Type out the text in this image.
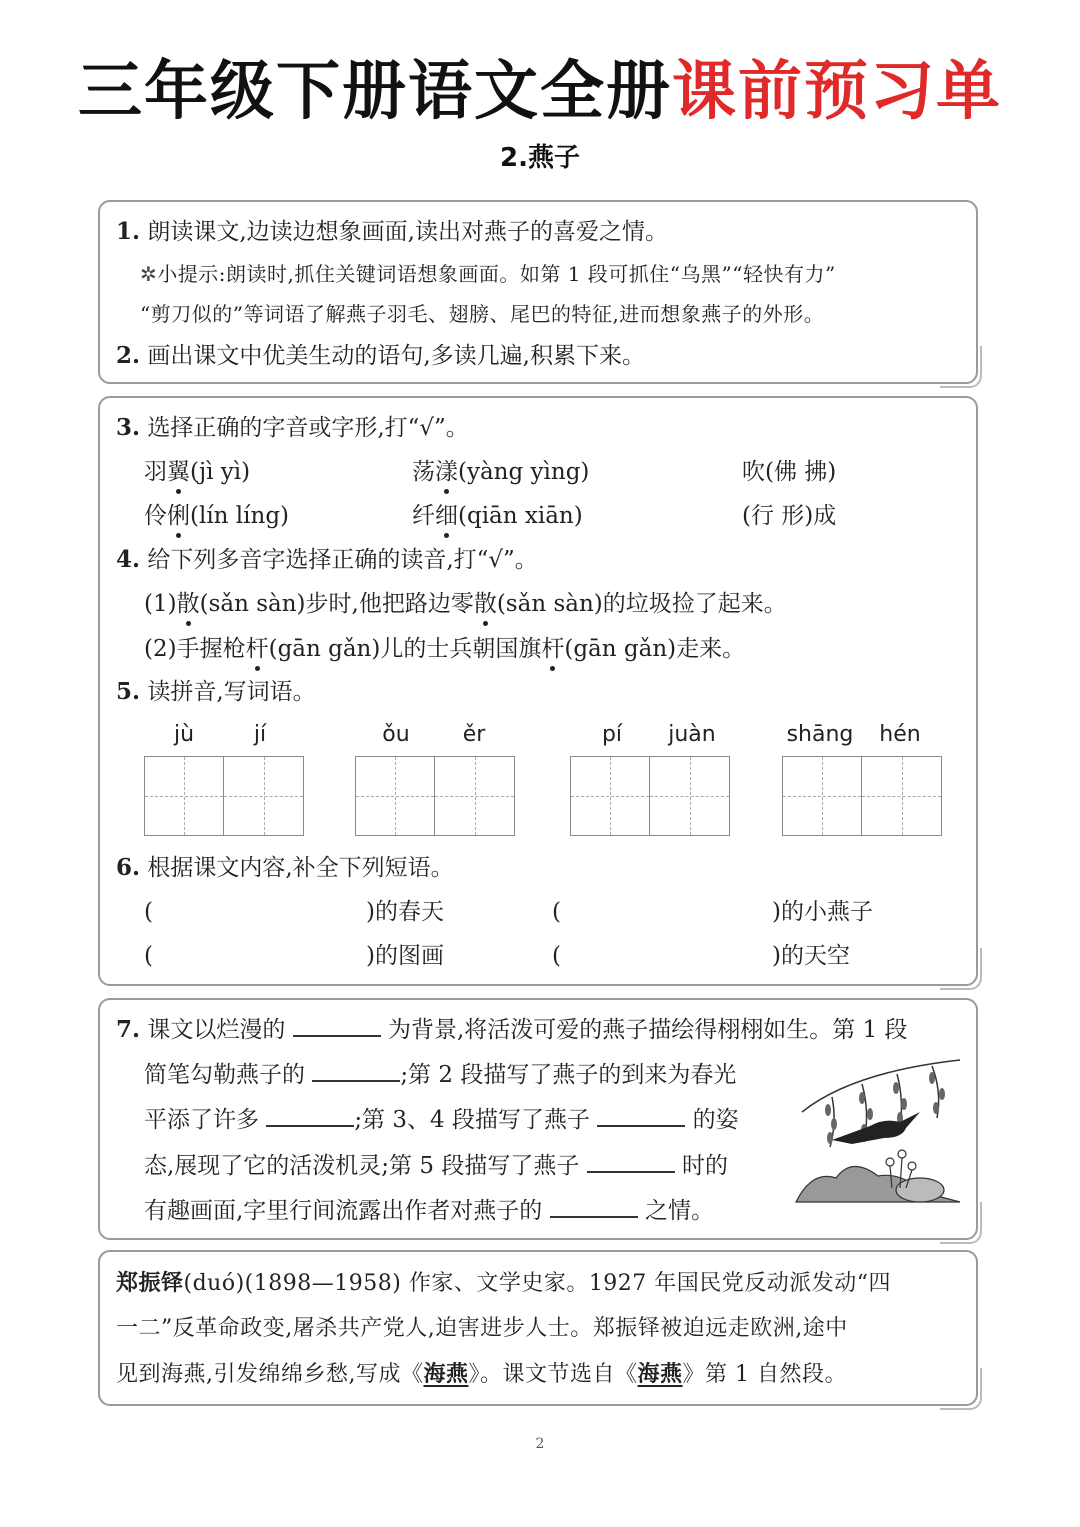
三年级下册语文全册课前预习单
2.燕子
1. 朗读课文,边读边想象画面,读出对燕子的喜爱之情。
✲小提示:朗读时,抓住关键词语想象画面。如第 1 段可抓住“乌黑”“轻快有力”
“剪刀似的”等词语了解燕子羽毛、翅膀、尾巴的特征,进而想象燕子的外形。
2. 画出课文中优美生动的语句,多读几遍,积累下来。
3. 选择正确的字音或字形,打“√”。
羽翼(jì yì)	荡漾(yàng yìng)	吹(佛 拂)
伶俐(lín líng)	纤细(qiān xiān)	(行 形)成
4. 给下列多音字选择正确的读音,打“√”。
(1)散(sǎn sàn)步时,他把路边零散(sǎn sàn)的垃圾捡了起来。
(2)手握枪杆(gān gǎn)儿的士兵朝国旗杆(gān gǎn)走来。
5. 读拼音,写词语。
jù	jí	ǒu	ěr	pí	juàn	shāng	hén
6. 根据课文内容,补全下列短语。
(	)的春天	(	)的小燕子
(	)的图画	(	)的天空
7. 课文以烂漫的	为背景,将活泼可爱的燕子描绘得栩栩如生。第 1 段
简笔勾勒燕子的	;第 2 段描写了燕子的到来为春光
平添了许多	;第 3、4 段描写了燕子	的姿
态,展现了它的活泼机灵;第 5 段描写了燕子	时的
有趣画面,字里行间流露出作者对燕子的	之情。
郑振铎(duó)(1898—1958) 作家、文学史家。1927 年国民党反动派发动“四
一二”反革命政变,屠杀共产党人,迫害进步人士。郑振铎被迫远走欧洲,途中
见到海燕,引发绵绵乡愁,写成《海燕》。课文节选自《海燕》第 1 自然段。
2
